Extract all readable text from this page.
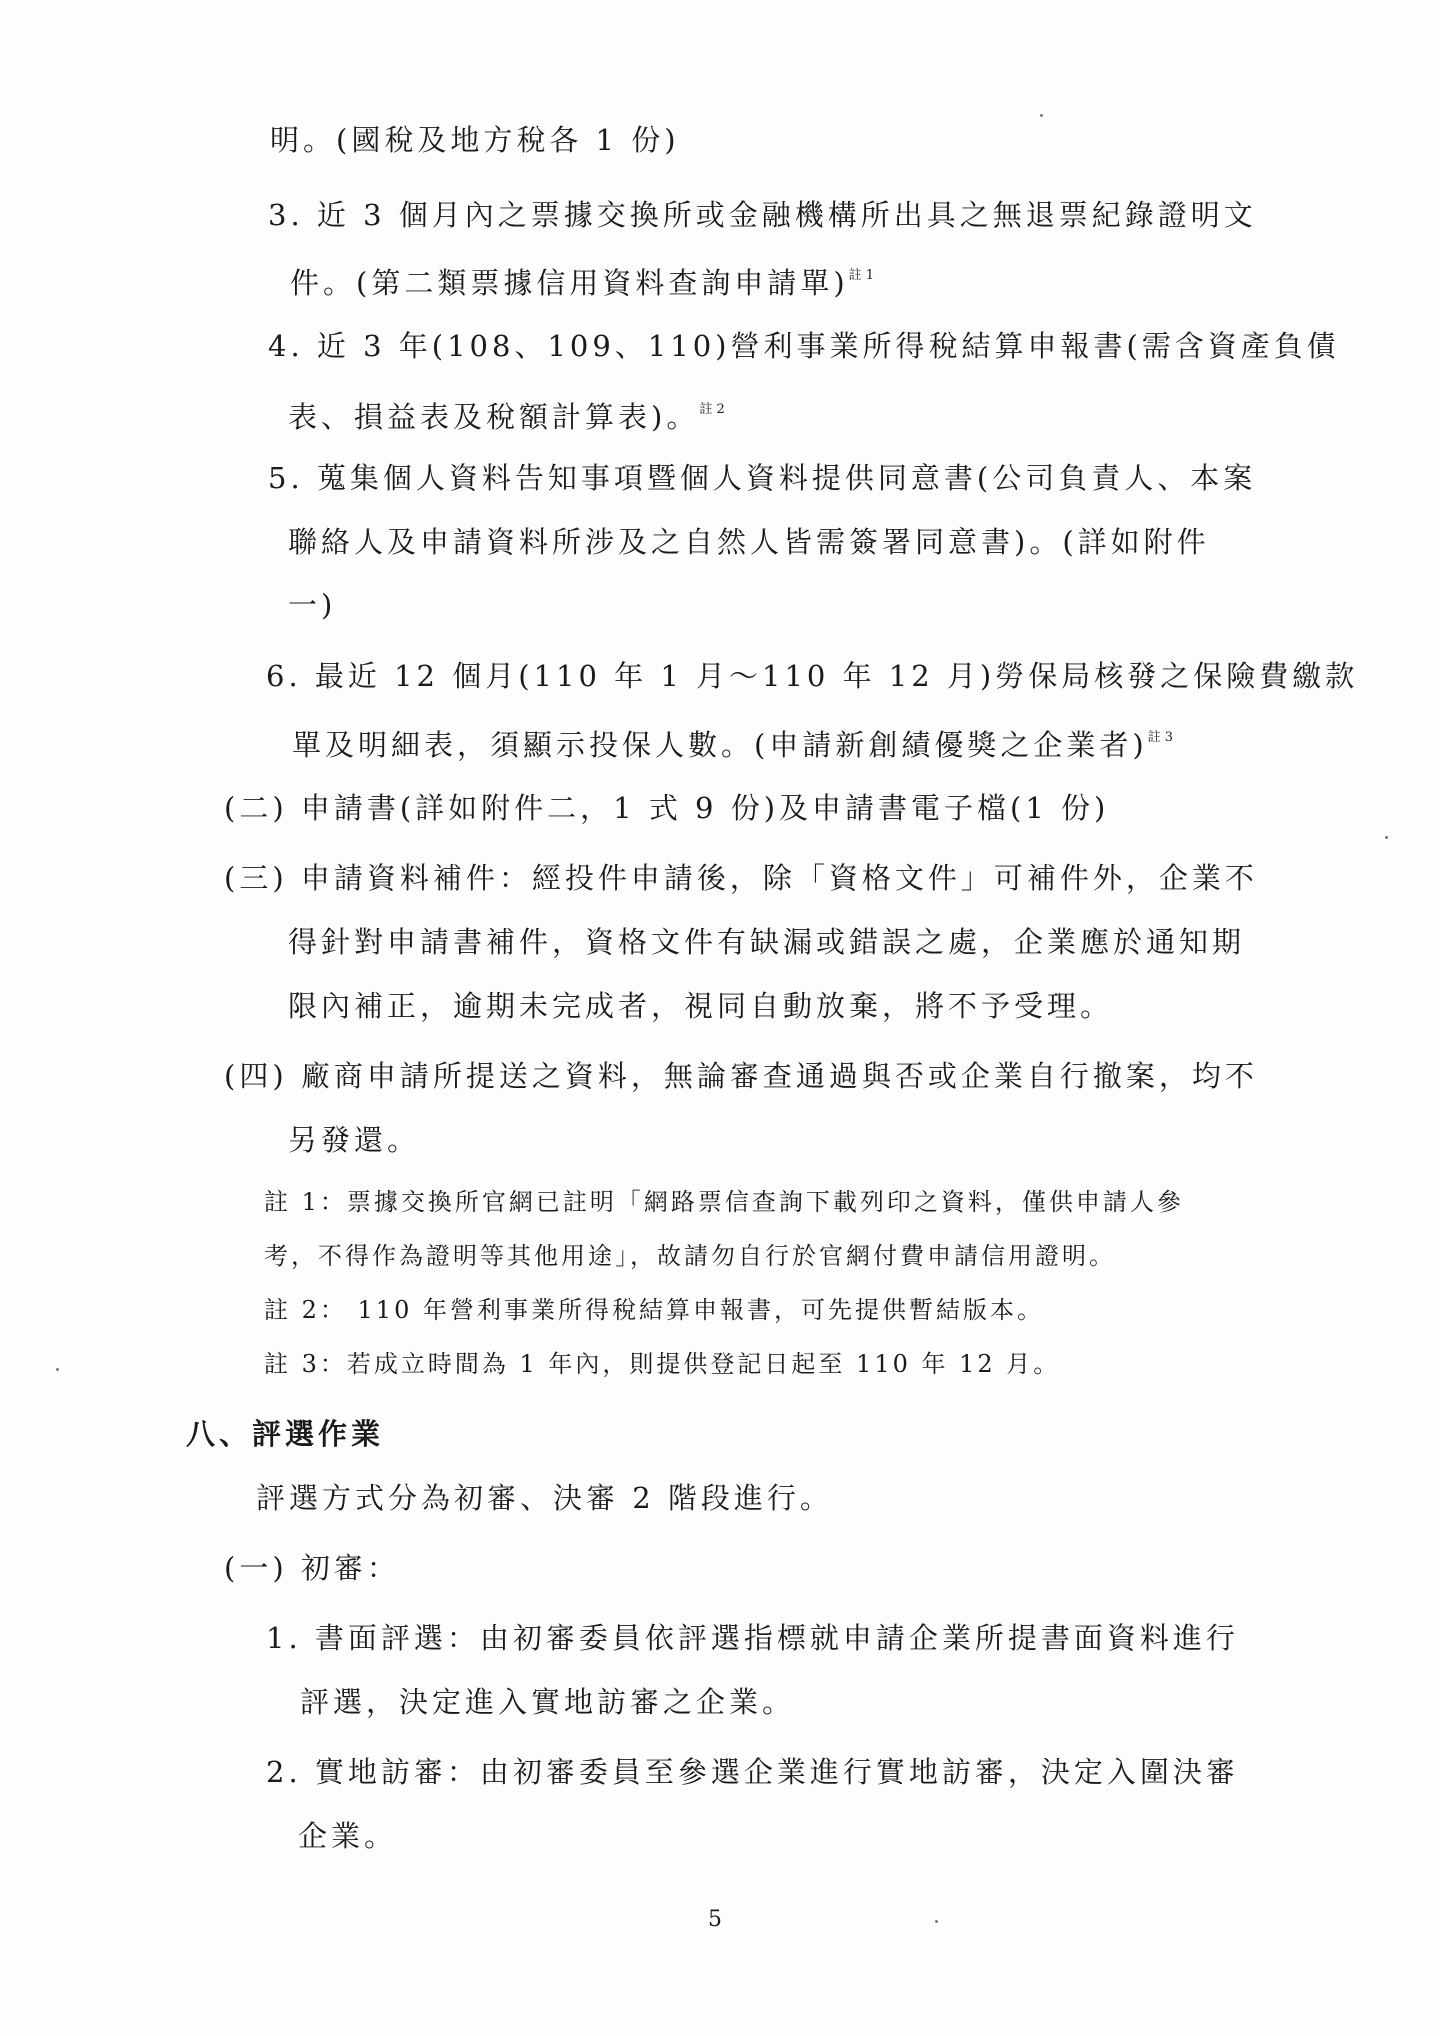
明。(國稅及地方稅各 1 份)
3. 近 3 個月內之票據交換所或金融機構所出具之無退票紀錄證明文
件。(第二類票據信用資料查詢申請單)$^{註 1}$
4. 近 3 年(108、109、110)營利事業所得稅結算申報書(需含資產負債
表、損益表及稅額計算表)。$^{註 2}$
5. 蒐集個人資料告知事項暨個人資料提供同意書(公司負責人、本案
聯絡人及申請資料所涉及之自然人皆需簽署同意書)。(詳如附件
一)
6. 最近 12 個月(110 年 1 月～110 年 12 月)勞保局核發之保險費繳款
單及明細表，須顯示投保人數。(申請新創績優獎之企業者)$^{註 3}$
(二) 申請書(詳如附件二，1 式 9 份)及申請書電子檔(1 份)
(三) 申請資料補件：經投件申請後，除「資格文件」可補件外，企業不
得針對申請書補件，資格文件有缺漏或錯誤之處，企業應於通知期
限內補正，逾期未完成者，視同自動放棄，將不予受理。
(四) 廠商申請所提送之資料，無論審查通過與否或企業自行撤案，均不
另發還。
註 1：票據交換所官網已註明「網路票信查詢下載列印之資料，僅供申請人參
考，不得作為證明等其他用途」，故請勿自行於官網付費申請信用證明。
註 2： 110 年營利事業所得稅結算申報書，可先提供暫結版本。
註 3：若成立時間為 1 年內，則提供登記日起至 110 年 12 月。
八、評選作業
評選方式分為初審、決審 2 階段進行。
(一) 初審：
1. 書面評選：由初審委員依評選指標就申請企業所提書面資料進行
評選，決定進入實地訪審之企業。
2. 實地訪審：由初審委員至參選企業進行實地訪審，決定入圍決審
企業。
5
